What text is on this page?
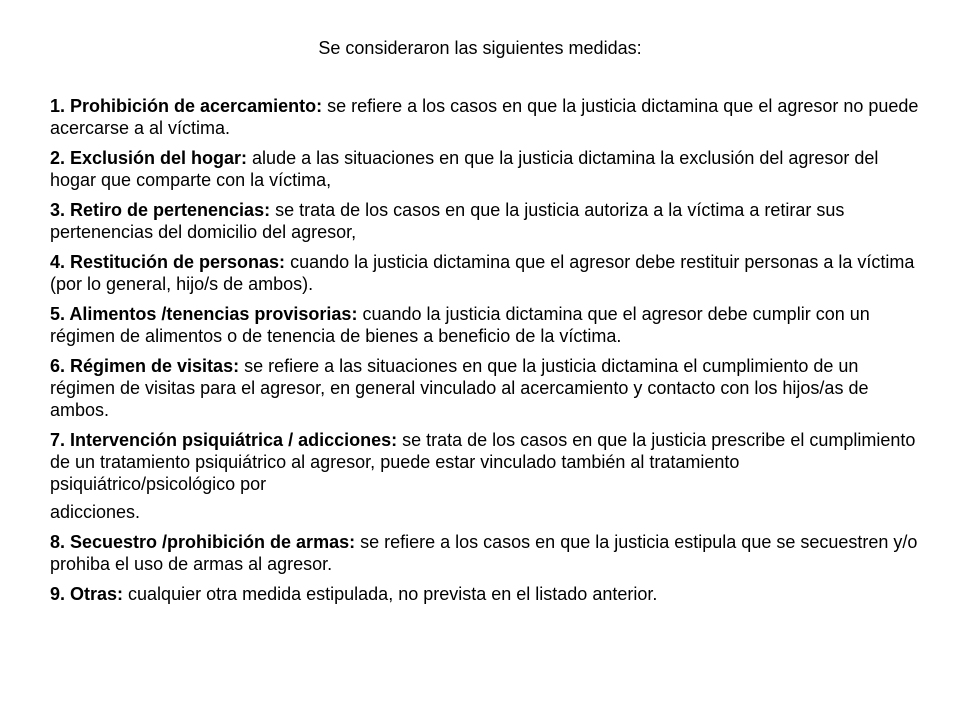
Se consideraron las siguientes medidas:

1. Prohibición de acercamiento: se refiere a los casos en que la justicia dictamina que el agresor no puede acercarse a al víctima.

2. Exclusión del hogar: alude a las situaciones en que la justicia dictamina la exclusión del agresor del hogar que comparte con la víctima,

3. Retiro de pertenencias: se trata de los casos en que la justicia autoriza a la víctima a retirar sus pertenencias del domicilio del agresor,

4. Restitución de personas: cuando la justicia dictamina que el agresor debe restituir personas a la víctima (por lo general, hijo/s de ambos).

5. Alimentos /tenencias provisorias: cuando la justicia dictamina que el agresor debe cumplir con un régimen de alimentos o de tenencia de bienes a beneficio de la víctima.

6. Régimen de visitas: se refiere a las situaciones en que la justicia dictamina el cumplimiento de un régimen de visitas para el agresor, en general vinculado al acercamiento y contacto con los hijos/as de ambos.

7. Intervención psiquiátrica / adicciones: se trata de los casos en que la justicia prescribe el cumplimiento de un tratamiento psiquiátrico al agresor, puede estar vinculado también al tratamiento psiquiátrico/psicológico por

adicciones.

8. Secuestro /prohibición de armas: se refiere a los casos en que la justicia estipula que se secuestren y/o prohiba el uso de armas al agresor.

9. Otras: cualquier otra medida estipulada, no prevista en el listado anterior.
